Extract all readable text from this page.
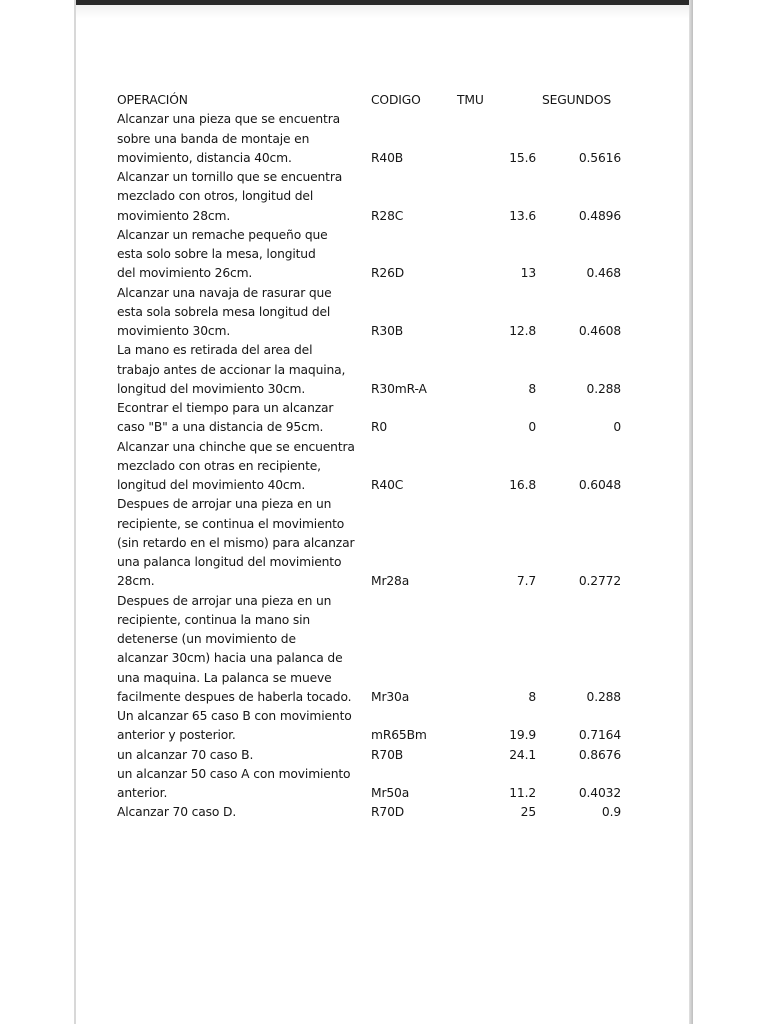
OPERACIÓN	CODIGO	TMU	SEGUNDOS
Alcanzar una pieza que se encuentra
sobre una banda de montaje en
movimiento, distancia 40cm.	R40B	15.6	0.5616
Alcanzar un tornillo que se encuentra
mezclado con otros, longitud del
movimiento 28cm.	R28C	13.6	0.4896
Alcanzar un remache pequeño que
esta solo sobre la mesa, longitud
del movimiento 26cm.	R26D	13	0.468
Alcanzar una navaja de rasurar que
esta sola sobrela mesa longitud del
movimiento 30cm.	R30B	12.8	0.4608
La mano es retirada del area del
trabajo antes de accionar la maquina,
longitud del movimiento 30cm.	R30mR-A	8	0.288
Econtrar el tiempo para un alcanzar
caso "B" a una distancia de 95cm.	R0	0	0
Alcanzar una chinche que se encuentra
mezclado con otras en recipiente,
longitud del movimiento 40cm.	R40C	16.8	0.6048
Despues de arrojar una pieza en un
recipiente, se continua el movimiento
(sin retardo en el mismo) para alcanzar
una palanca longitud del movimiento
28cm.	Mr28a	7.7	0.2772
Despues de arrojar una pieza en un
recipiente, continua la mano sin
detenerse (un movimiento de
alcanzar 30cm) hacia una palanca de
una maquina. La palanca se mueve
facilmente despues de haberla tocado.	Mr30a	8	0.288
Un alcanzar 65 caso B con movimiento
anterior y posterior.	mR65Bm	19.9	0.7164
un alcanzar 70 caso B.	R70B	24.1	0.8676
un alcanzar 50 caso A con movimiento
anterior.	Mr50a	11.2	0.4032
Alcanzar 70 caso D.	R70D	25	0.9
